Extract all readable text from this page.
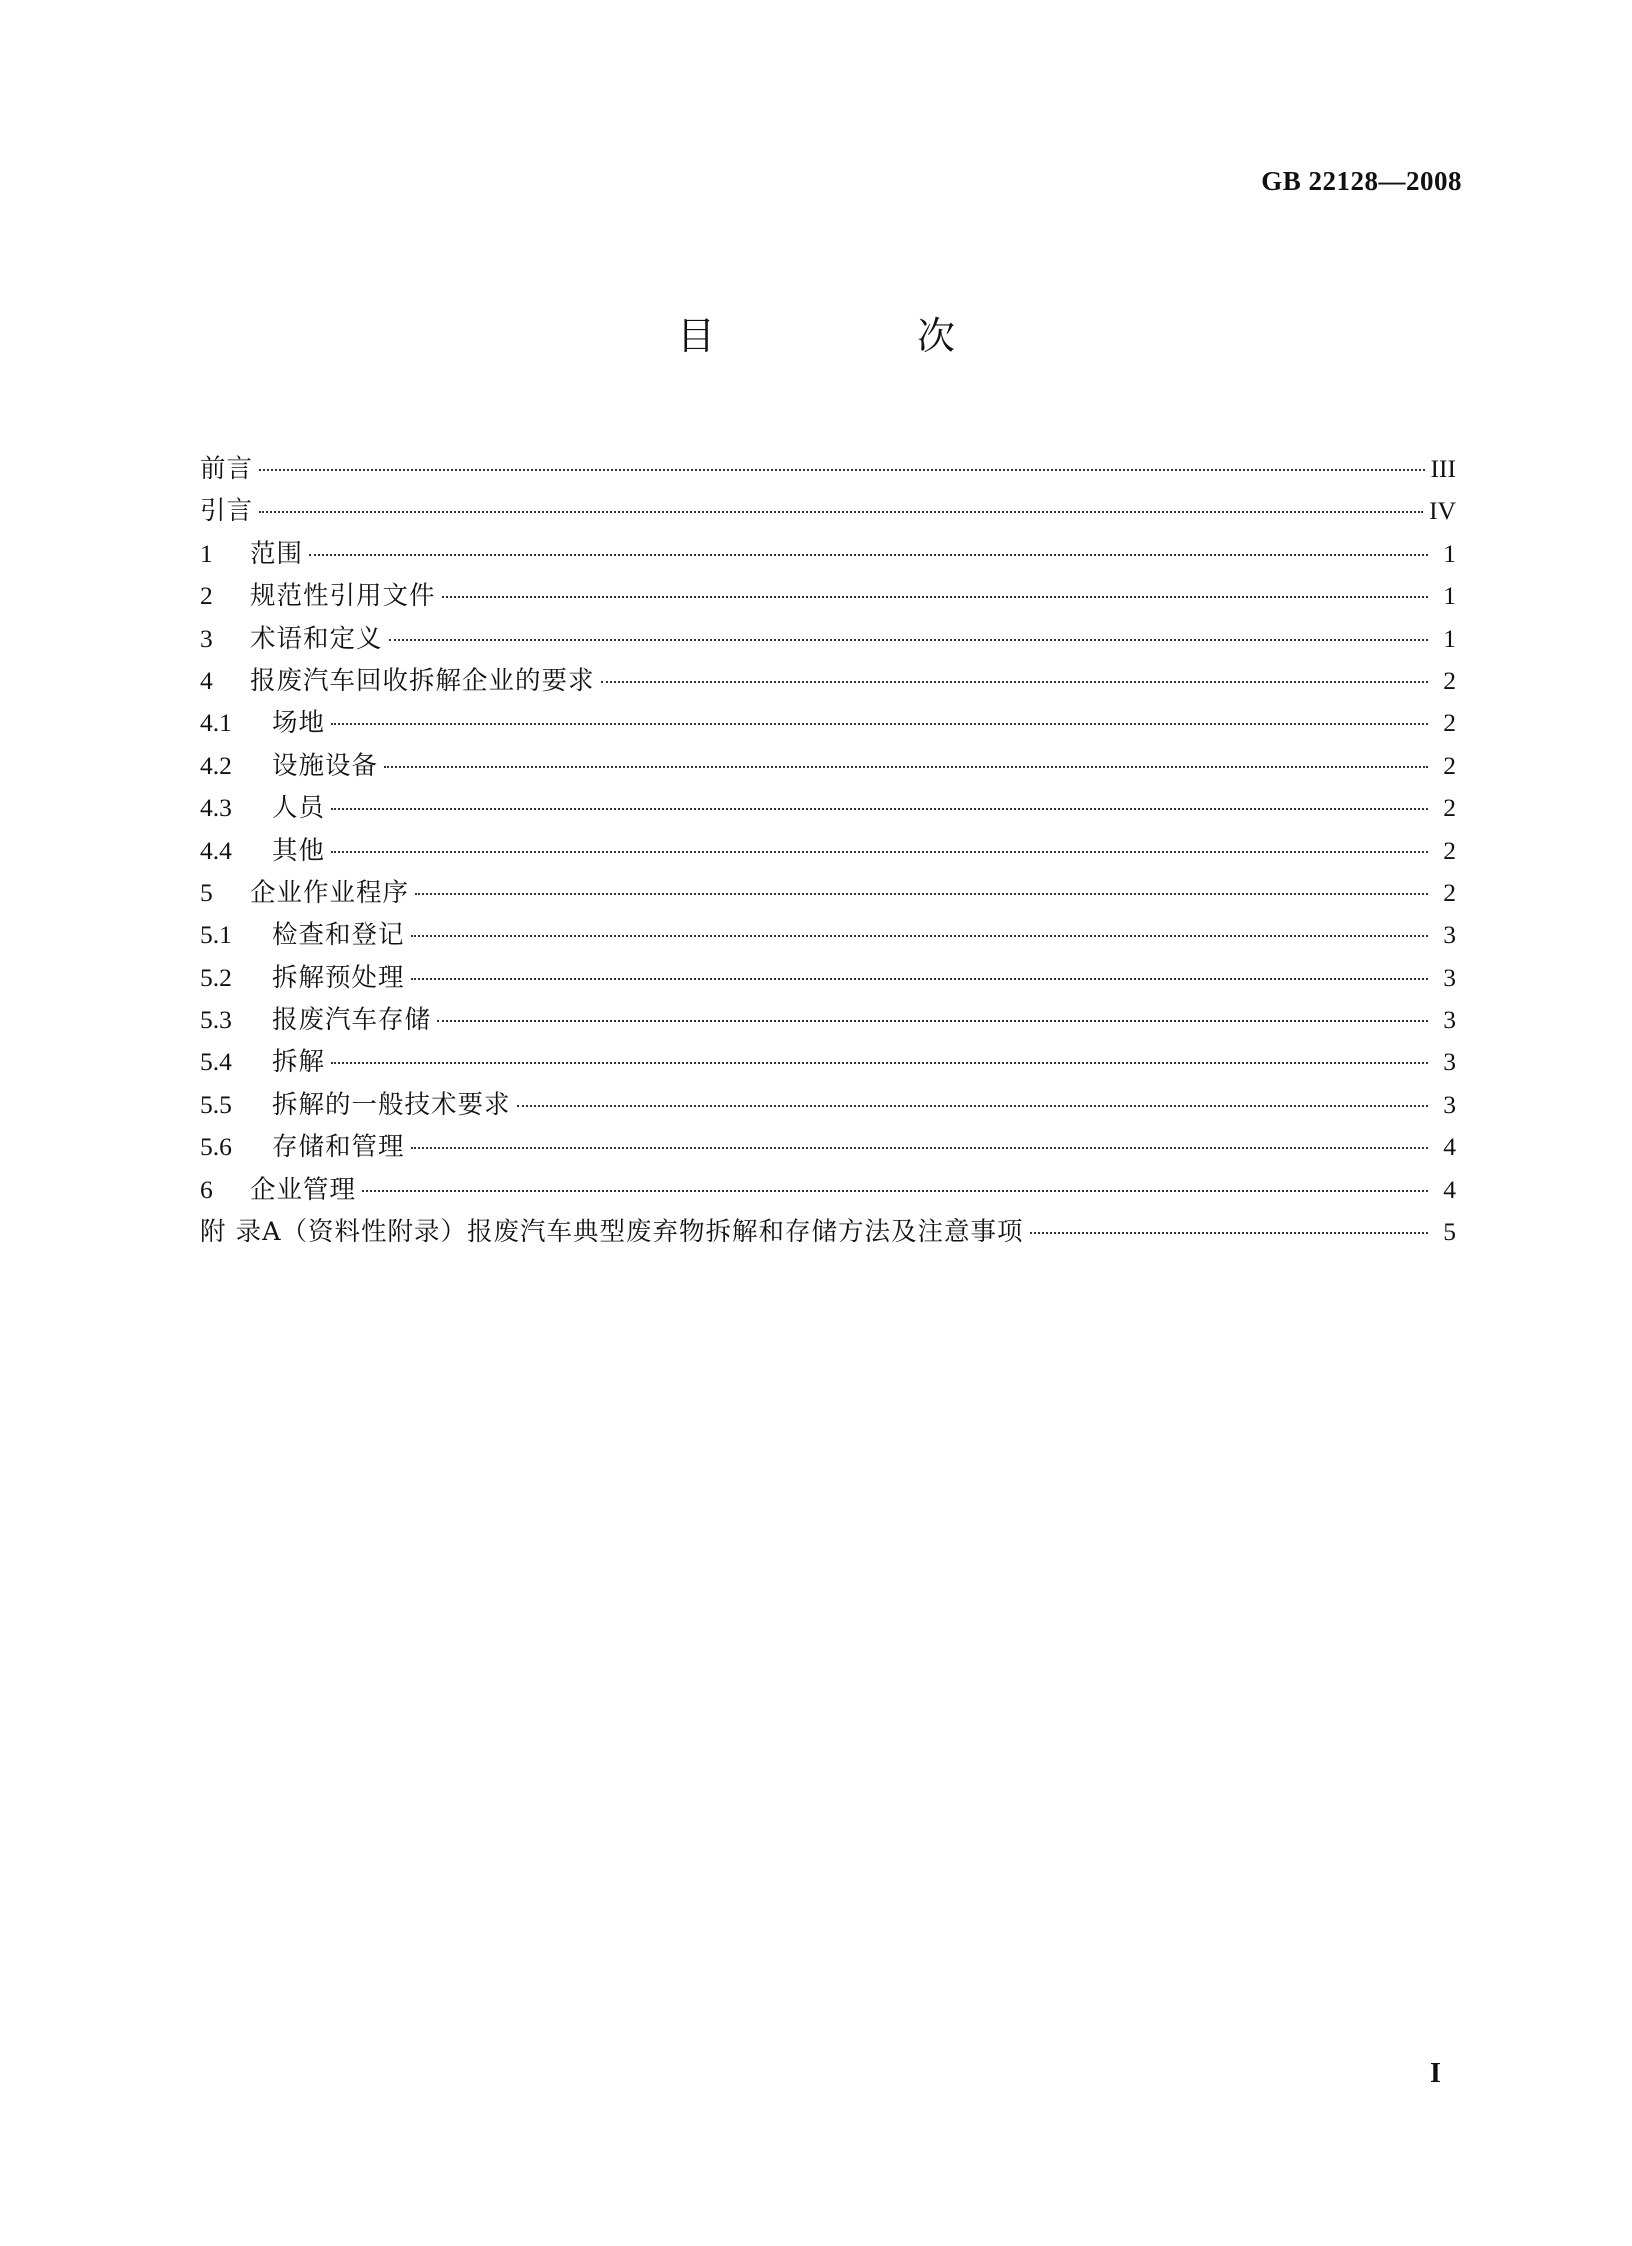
GB 22128—2008
目　次
前言	III
引言	IV
1	范围	1
2	规范性引用文件	1
3	术语和定义	1
4	报废汽车回收拆解企业的要求	2
4.1	场地	2
4.2	设施设备	2
4.3	人员	2
4.4	其他	2
5	企业作业程序	2
5.1	检查和登记	3
5.2	拆解预处理	3
5.3	报废汽车存储	3
5.4	拆解	3
5.5	拆解的一般技术要求	3
5.6	存储和管理	4
6	企业管理	4
附 录A（资料性附录）报废汽车典型废弃物拆解和存储方法及注意事项	5
I
